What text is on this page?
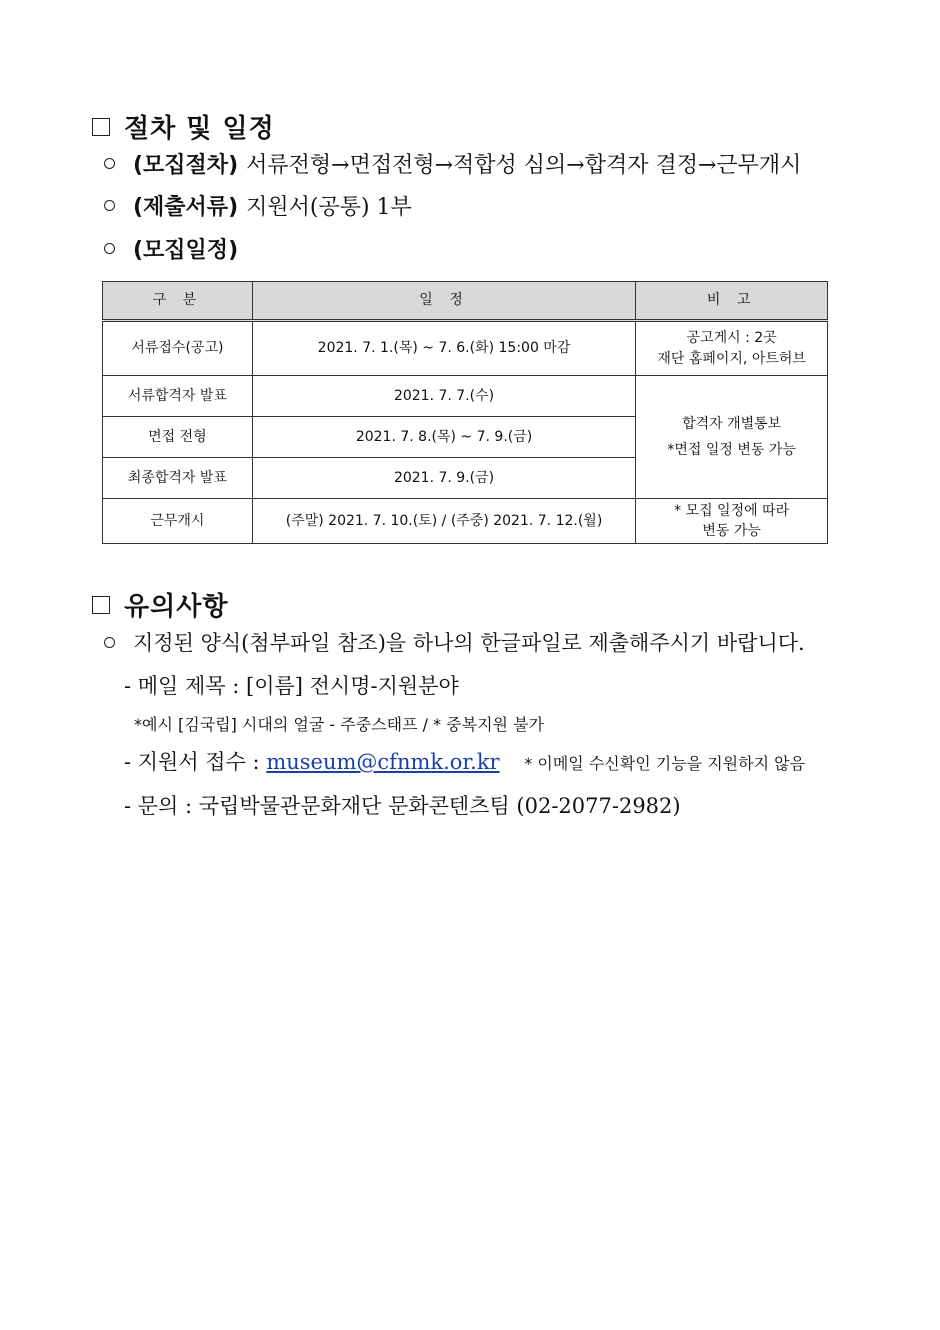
절차 및 일정
(모집절차) 서류전형→면접전형→적합성 심의→합격자 결정→근무개시
(제출서류) 지원서(공통) 1부
(모집일정)
구 분	일 정	비 고
서류접수(공고)	2021. 7. 1.(목) ~ 7. 6.(화) 15:00 마감	공고게시 : 2곳
재단 홈페이지, 아트허브

서류합격자 발표	2021. 7. 7.(수)	합격자 개별통보
*면접 일정 변동 가능

면접 전형	2021. 7. 8.(목) ~ 7. 9.(금)	
최종합격자 발표	2021. 7. 9.(금)	
근무개시	(주말) 2021. 7. 10.(토) / (주중) 2021. 7. 12.(월)	* 모집 일정에 따라
변동 가능
유의사항
지정된 양식(첨부파일 참조)을 하나의 한글파일로 제출해주시기 바랍니다.
- 메일 제목 : [이름] 전시명-지원분야
*예시 [김국립] 시대의 얼굴 - 주중스태프 / * 중복지원 불가
- 지원서 접수 : museum@cfnmk.or.kr * 이메일 수신확인 기능을 지원하지 않음
- 문의 : 국립박물관문화재단 문화콘텐츠팀 (02-2077-2982)
